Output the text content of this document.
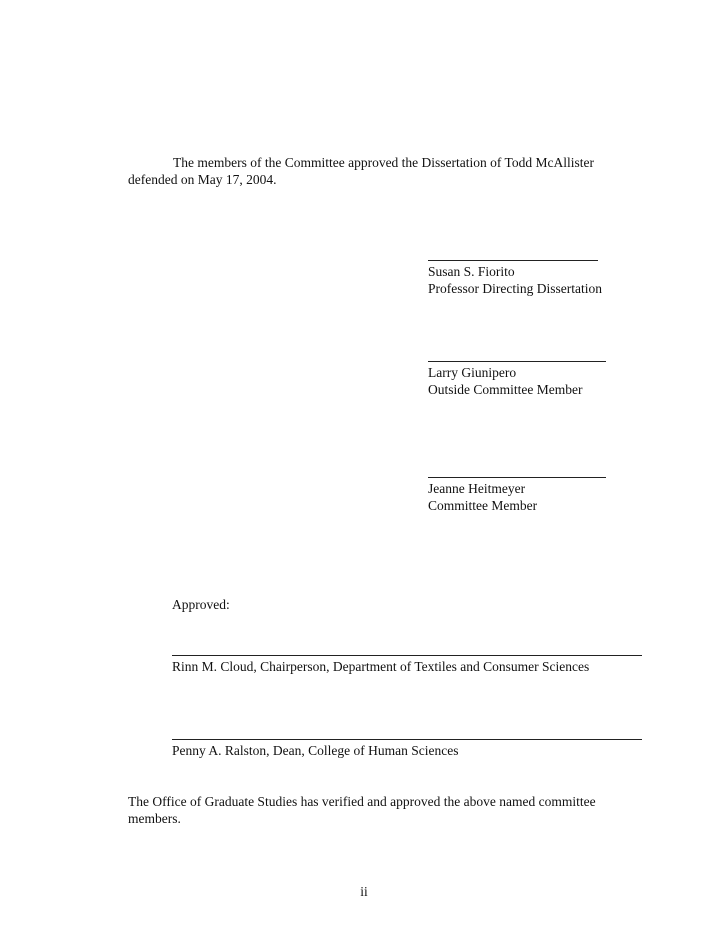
The members of the Committee approved the Dissertation of Todd McAllister
defended on May 17, 2004.
Susan S. Fiorito
Professor Directing Dissertation
Larry Giunipero
Outside Committee Member
Jeanne Heitmeyer
Committee Member
Approved:
Rinn M. Cloud, Chairperson, Department of Textiles and Consumer Sciences
Penny A. Ralston, Dean, College of Human Sciences
The Office of Graduate Studies has verified and approved the above named committee
members.
ii
